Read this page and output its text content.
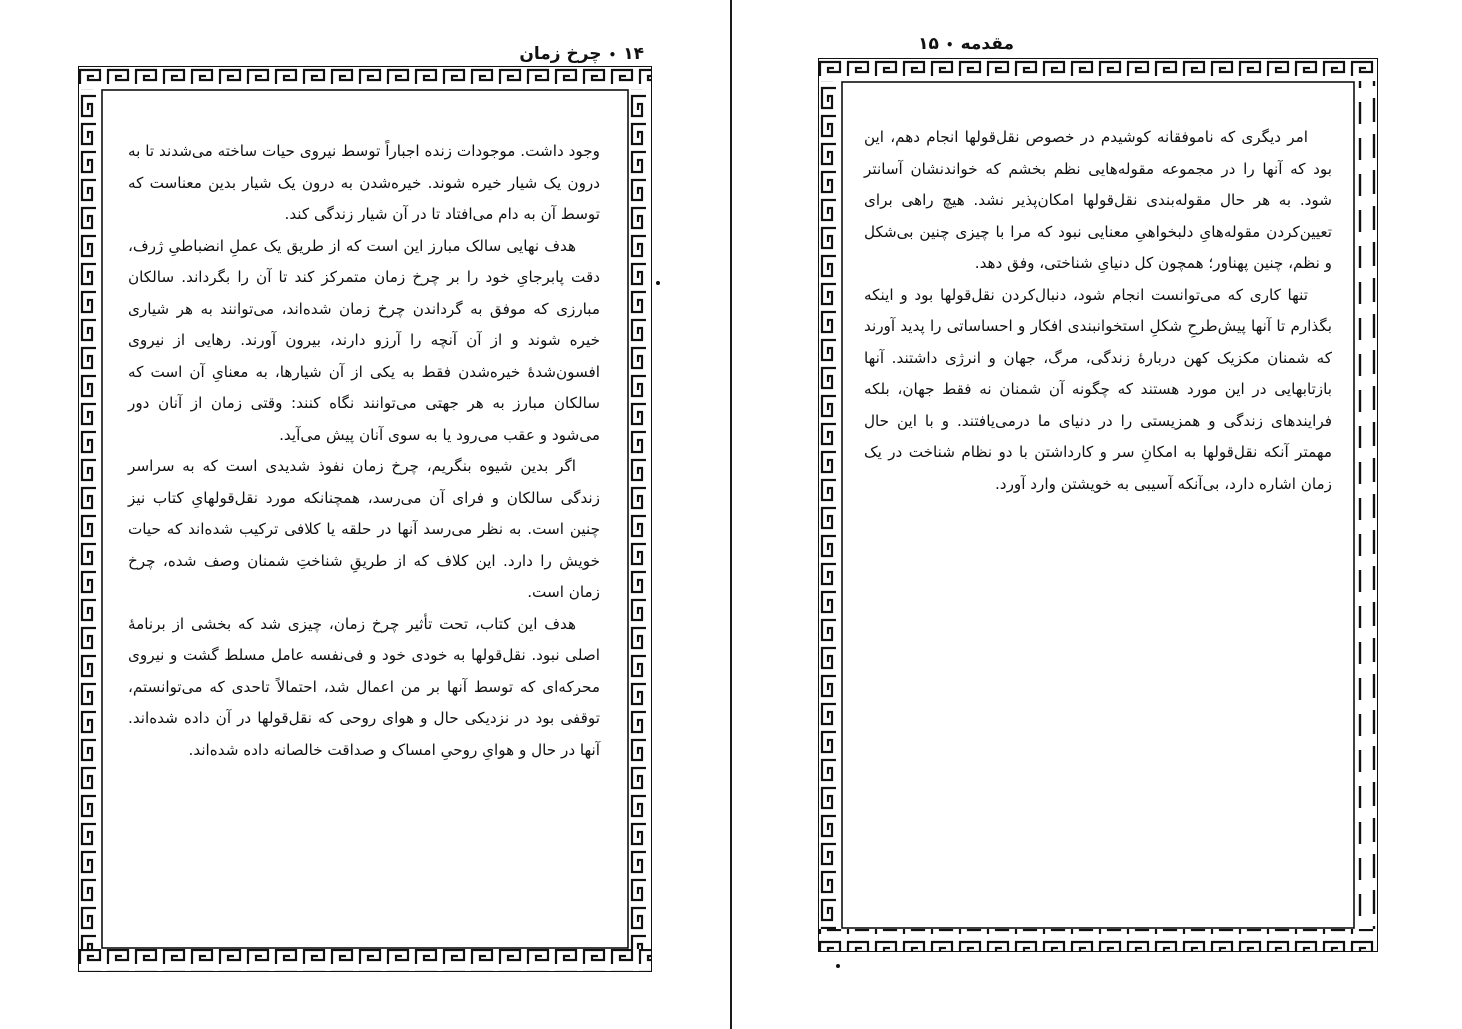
۱۴•چرخ زمان

وجود داشت. موجودات زنده اجباراً توسط نیروی حیات ساخته می‌شدند تا به درون یک شیار خیره شوند. خیره‌شدن به درون یک شیار بدین معناست که توسط آن به دام می‌افتاد تا در آن شیار زندگی کند.

هدف نهایی سالک مبارز این است که از طریق یک عملِ انضباطیِ ژرف، دقت پابرجایِ خود را بر چرخ زمان متمرکز کند تا آن را بگرداند. سالکان مبارزی که موفق به گرداندن چرخ زمان شده‌اند، می‌توانند به هر شیاری خیره شوند و از آن آنچه را آرزو دارند، بیرون آورند. رهایی از نیروی افسون‌شدهٔ خیره‌شدن فقط به یکی از آن شیارها، به معنایِ آن است که سالکان مبارز به هر جهتی می‌توانند نگاه کنند: وقتی زمان از آنان دور می‌شود و عقب می‌رود یا به سوی آنان پیش می‌آید.

اگر بدین شیوه بنگریم، چرخ زمان نفوذ شدیدی است که به سراسر زندگی سالکان و فرای آن می‌رسد، همچنانکه مورد نقل‌قولهایِ کتاب نیز چنین است. به نظر می‌رسد آنها در حلقه یا کلافی ترکیب شده‌اند که حیات خویش را دارد. این کلاف که از طریقِ شناختِ شمنان وصف شده، چرخ زمان است.

هدف این کتاب، تحت تأثیر چرخ زمان، چیزی شد که بخشی از برنامهٔ اصلی نبود. نقل‌قولها به خودی خود و فی‌نفسه عامل مسلط گشت و نیروی محرکه‌ای که توسط آنها بر من اعمال شد، احتمالاً تاحدی که می‌توانستم، توقفی بود در نزدیکی حال و هوای روحی که نقل‌قولها در آن داده شده‌اند. آنها در حال و هوایِ روحیِ امساک و صداقت خالصانه داده شده‌اند.

مقدمه•۱۵

امر دیگری که ناموفقانه کوشیدم در خصوص نقل‌قولها انجام دهم، این بود که آنها را در مجموعه مقوله‌هایی نظم بخشم که خواندنشان آسانتر شود. به هر حال مقوله‌بندی نقل‌قولها امکان‌پذیر نشد. هیچ راهی برای تعیین‌کردن مقوله‌هایِ دلبخواهیِ معنایی نبود که مرا با چیزی چنین بی‌شکل و نظم، چنین پهناور؛ همچون کل دنیایِ شناختی، وفق دهد.

تنها کاری که می‌توانست انجام شود، دنبال‌کردن نقل‌قولها بود و اینکه بگذارم تا آنها پیش‌طرحِ شکلِ استخوانبندی افکار و احساساتی را پدید آورند که شمنان مکزیک کهن دربارهٔ زندگی، مرگ، جهان و انرژی داشتند. آنها بازتابهایی در این مورد هستند که چگونه آن شمنان نه فقط جهان، بلکه فرایندهای زندگی و همزیستی را در دنیای ما درمی‌یافتند. و با این حال مهمتر آنکه نقل‌قولها به امکانِ سر و کارداشتن با دو نظام شناخت در یک زمان اشاره دارد، بی‌آنکه آسیبی به خویشتن وارد آورد.
